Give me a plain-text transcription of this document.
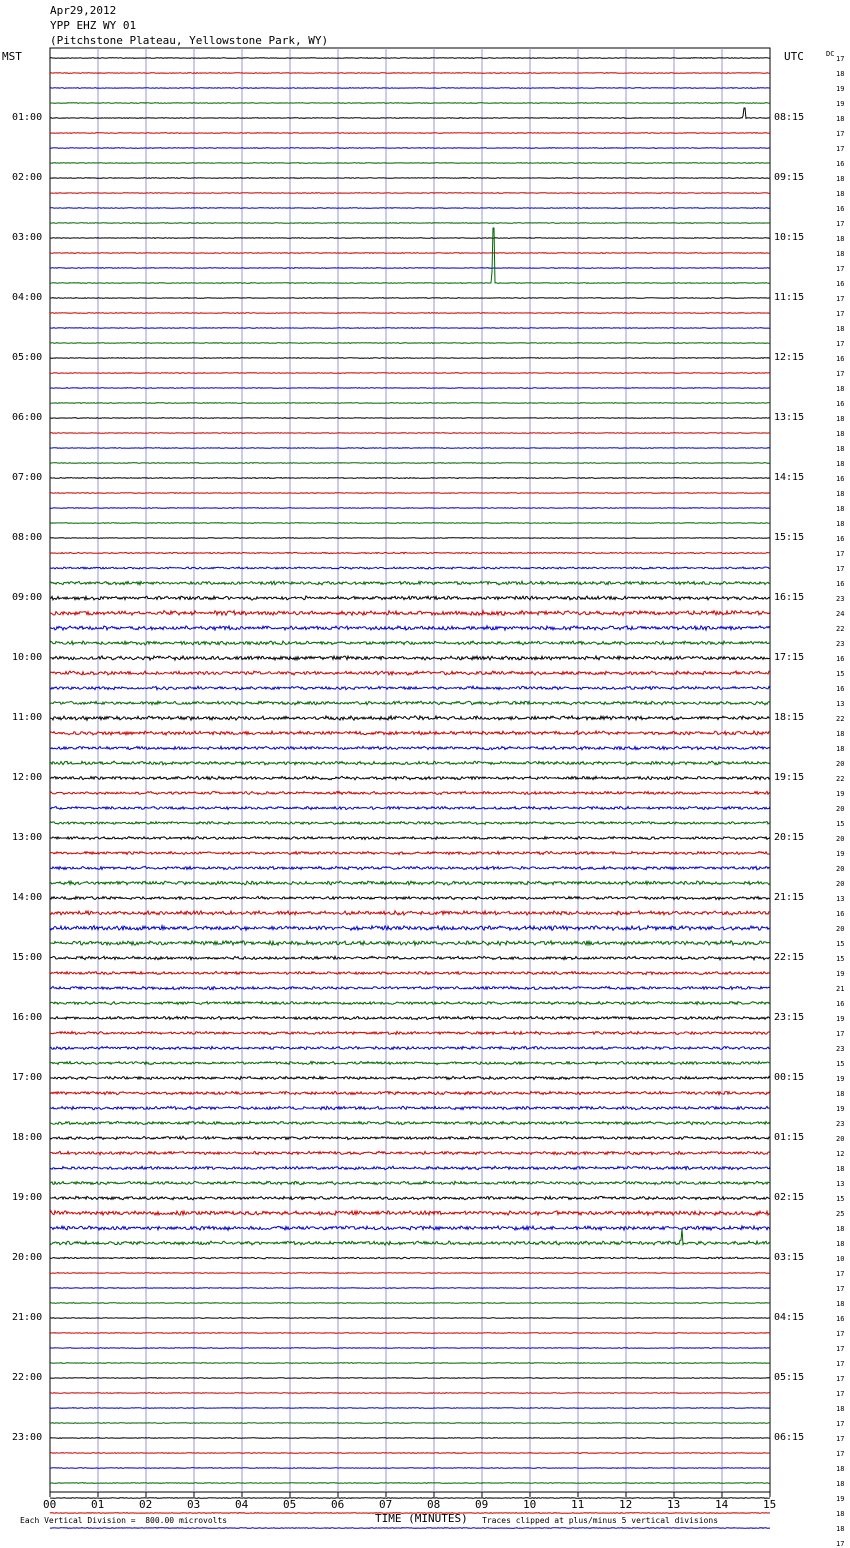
Apr29,2012
YPP EHZ WY 01
(Pitchstone Plateau, Yellowstone Park, WY)
MST	UTC	DC
01:00
02:00
03:00
04:00
05:00
06:00
07:00
08:00
09:00
10:00
11:00
12:00
13:00
14:00
15:00
16:00
17:00
18:00
19:00
20:00
21:00
22:00
23:00
08:15
09:15
10:15
11:15
12:15
13:15
14:15
15:15
16:15
17:15
18:15
19:15
20:15
21:15
22:15
23:15
00:15
01:15
02:15
03:15
04:15
05:15
06:15
17
18
19
19
18
17
17
16
18
18
16
17
18
18
17
16
17
17
18
17
16
17
18
16
18
18
18
18
16
18
18
18
16
17
17
16
23
24
22
23
16
15
16
13
22
18
18
20
22
19
20
15
20
19
20
20
13
16
20
15
15
19
21
16
19
17
23
15
19
18
19
23
20
12
18
13
15
25
18
18
10
17
17
18
16
17
17
17
17
17
18
17
17
17
18
18
19
18
18
17
00	01	02	03	04	05	06	07	08	09	10	11	12	13	14	15
Each Vertical Division =  800.00 microvolts	TIME (MINUTES) Traces clipped at plus/minus 5 vertical divisions
